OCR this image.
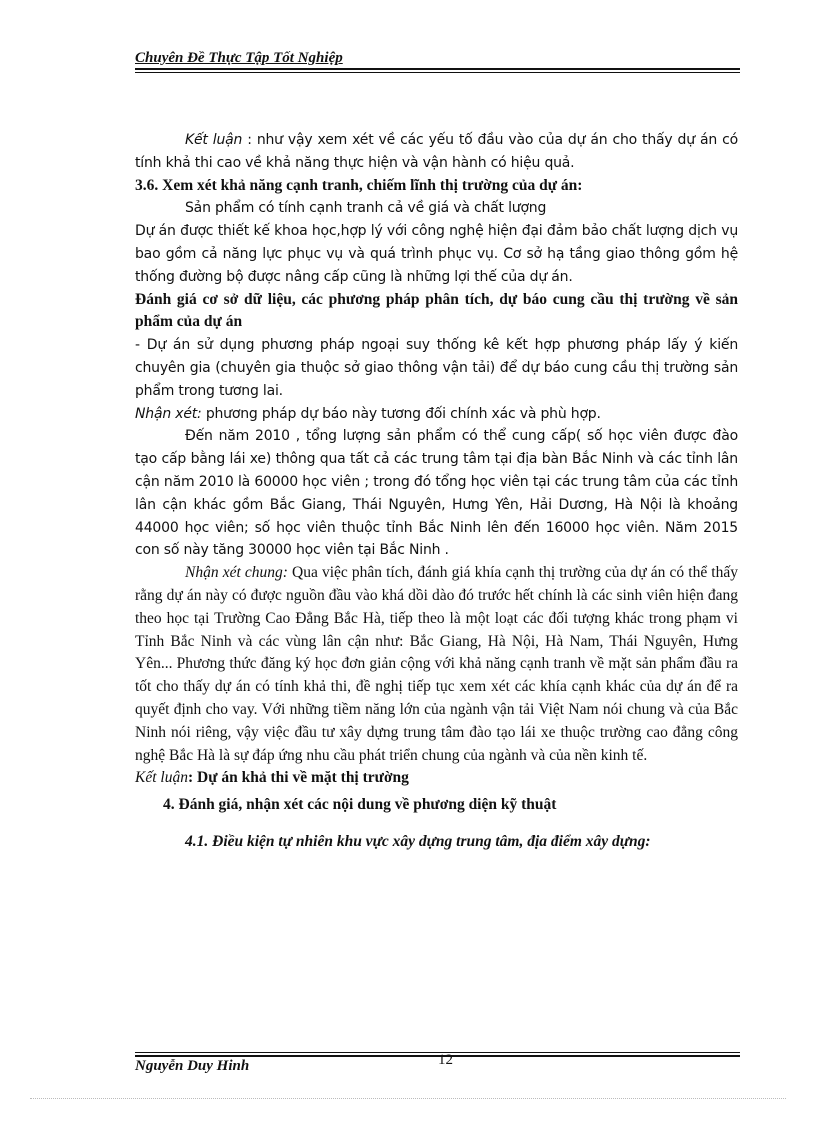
Chuyên Đề Thực Tập Tốt Nghiệp

Kết luận : như vậy xem xét về các yếu tố đầu vào của dự án cho thấy dự án có tính khả thi cao về khả năng thực hiện và vận hành có hiệu quả.

3.6. Xem xét khả năng cạnh tranh, chiếm lĩnh thị trường của dự án:

Sản phẩm có tính cạnh tranh cả về giá và chất lượng

Dự án được thiết kế khoa học,hợp lý với công nghệ hiện đại đảm bảo chất lượng dịch vụ bao gồm cả năng lực phục vụ và quá trình phục vụ. Cơ sở hạ tầng giao thông gồm hệ thống đường bộ được nâng cấp cũng là những lợi thế của dự án.

Đánh giá cơ sở dữ liệu, các phương pháp phân tích, dự báo cung cầu thị trường về sản phẩm của dự án

- Dự án sử dụng phương pháp ngoại suy thống kê kết hợp phương pháp lấy ý kiến chuyên gia (chuyên gia thuộc sở giao thông vận tải) để dự báo cung cầu thị trường sản phẩm trong tương lai.

Nhận xét: phương pháp dự báo này tương đối chính xác và phù hợp.

Đến năm 2010 , tổng lượng sản phẩm có thể cung cấp( số học viên được đào tạo cấp bằng lái xe) thông qua tất cả các trung tâm tại địa bàn Bắc Ninh và các tỉnh lân cận năm 2010 là 60000 học viên ; trong đó tổng học viên tại các trung tâm của các tỉnh lân cận khác gồm Bắc Giang, Thái Nguyên, Hưng Yên, Hải Dương, Hà Nội là khoảng 44000 học viên; số học viên thuộc tỉnh Bắc Ninh lên đến 16000 học viên. Năm 2015 con số này tăng 30000 học viên tại Bắc Ninh .

Nhận xét chung: Qua việc phân tích, đánh giá khía cạnh thị trường của dự án có thể thấy rằng dự án này có được nguồn đầu vào khá dồi dào đó trước hết chính là các sinh viên hiện đang theo học tại Trường Cao Đẳng Bắc Hà, tiếp theo là một loạt các đối tượng khác trong phạm vi Tỉnh Bắc Ninh và các vùng lân cận như: Bắc Giang, Hà Nội, Hà Nam, Thái Nguyên, Hưng Yên... Phương thức đăng ký học đơn giản cộng với khả năng cạnh tranh về mặt sản phẩm đầu ra tốt cho thấy dự án có tính khả thi, đề nghị tiếp tục xem xét các khía cạnh khác của dự án để ra quyết định cho vay. Với những tiềm năng lớn của ngành vận tải Việt Nam nói chung và của Bắc Ninh nói riêng, vậy việc đầu tư xây dựng trung tâm đào tạo lái xe thuộc trường cao đẳng công nghệ Bắc Hà là sự đáp ứng nhu cầu phát triển chung của ngành và của nền kinh tế.

Kết luận: Dự án khả thi về mặt thị trường

4. Đánh giá, nhận xét các nội dung về phương diện kỹ thuật

4.1. Điều kiện tự nhiên khu vực xây dựng trung tâm, địa điểm xây dựng:

Nguyễn Duy Hinh	12
